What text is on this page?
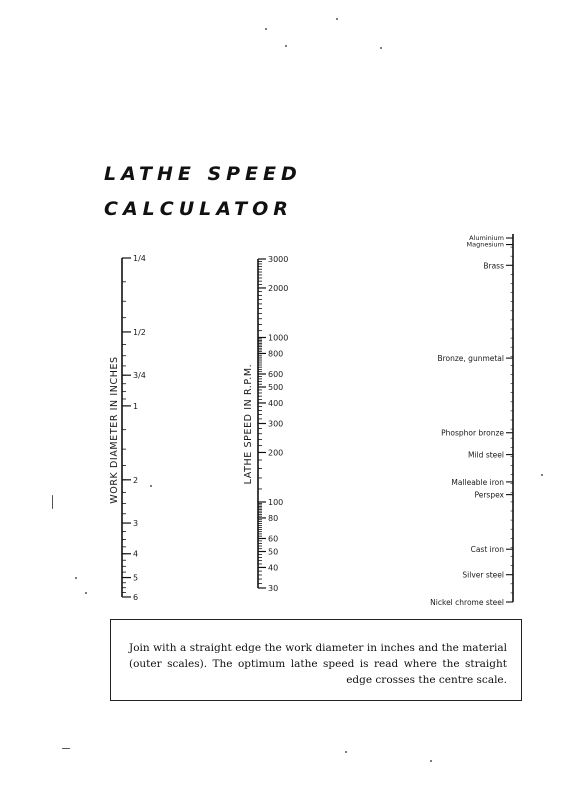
LATHE SPEED
CALCULATOR
1/4
1/2
3/4
1
2
3
4
5
6
WORK DIAMETER IN INCHES
3000
2000
1000
800
600
500
400
300
200
100
80
60
50
40
30
LATHE SPEED IN R.P.M.
Aluminium
Magnesium
Brass
Bronze, gunmetal
Phosphor bronze
Mild steel
Malleable iron
Perspex
Cast iron
Silver steel
Nickel chrome steel

Join with a straight edge the work diameter in inches and the material (outer scales). The optimum lathe speed is read where the straight edge crosses the centre scale.
